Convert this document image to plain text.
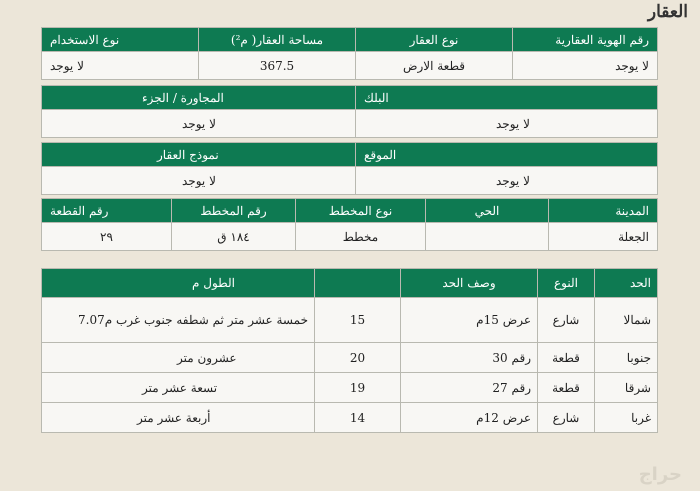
العقار
نوع الاستخدام	مساحة العقار( م²)	نوع العقار	رقم الهوية العقارية
لا يوجد	367.5	قطعة الارض	لا يوجد
المجاورة / الجزء	البلك
لا يوجد	لا يوجد
نموذج العقار	الموقع
لا يوجد	لا يوجد
رقم القطعة	رقم المخطط	نوع المخطط	الحي	المدينة
٢٩	١٨٤ ق	مخطط		الجعلة
الطول م		وصف الحد	النوع	الحد
خمسة عشر متر ثم شطفه جنوب غرب م7.07	15	عرض 15م	شارع	شمالا
عشرون متر	20	رقم 30	قطعة	جنوبا
تسعة عشر متر	19	رقم 27	قطعة	شرقا
أربعة عشر متر	14	عرض 12م	شارع	غربا
حراج
